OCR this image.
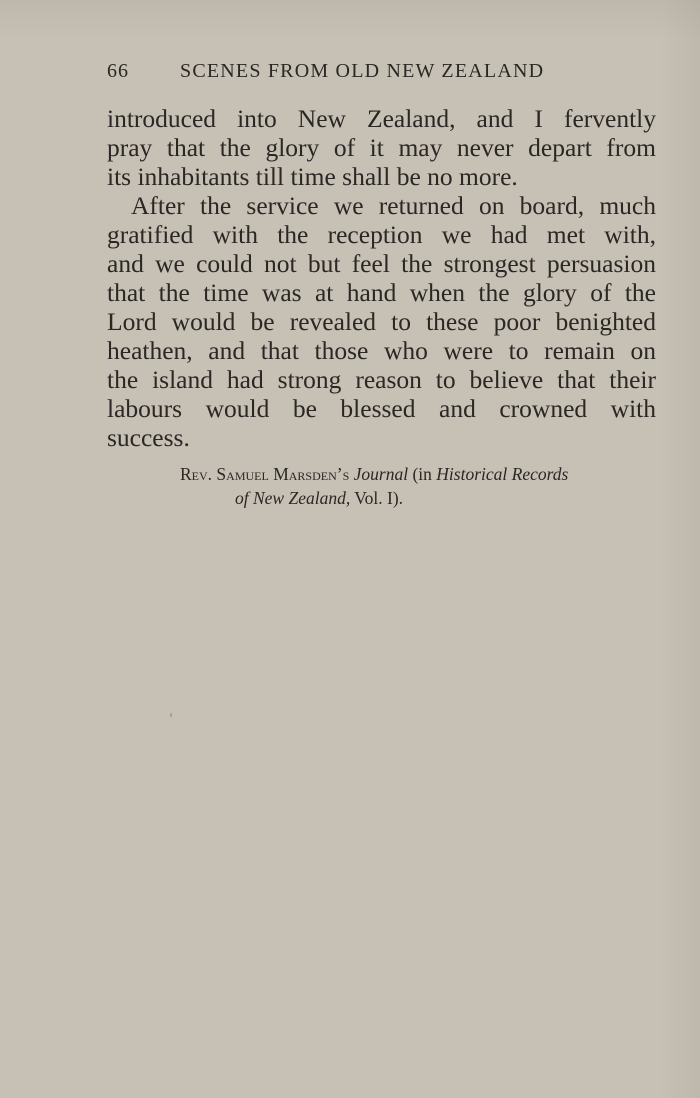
66	SCENES FROM OLD NEW ZEALAND
introduced into New Zealand, and I fervently
pray that the glory of it may never depart from
its inhabitants till time shall be no more.
After the service we returned on board, much
gratified with the reception we had met with,
and we could not but feel the strongest persuasion
that the time was at hand when the glory of the
Lord would be revealed to these poor benighted
heathen, and that those who were to remain on
the island had strong reason to believe that their
labours would be blessed and crowned with
success.
Rev. Samuel Marsden’s Journal (in Historical Records
of New Zealand, Vol. I).
